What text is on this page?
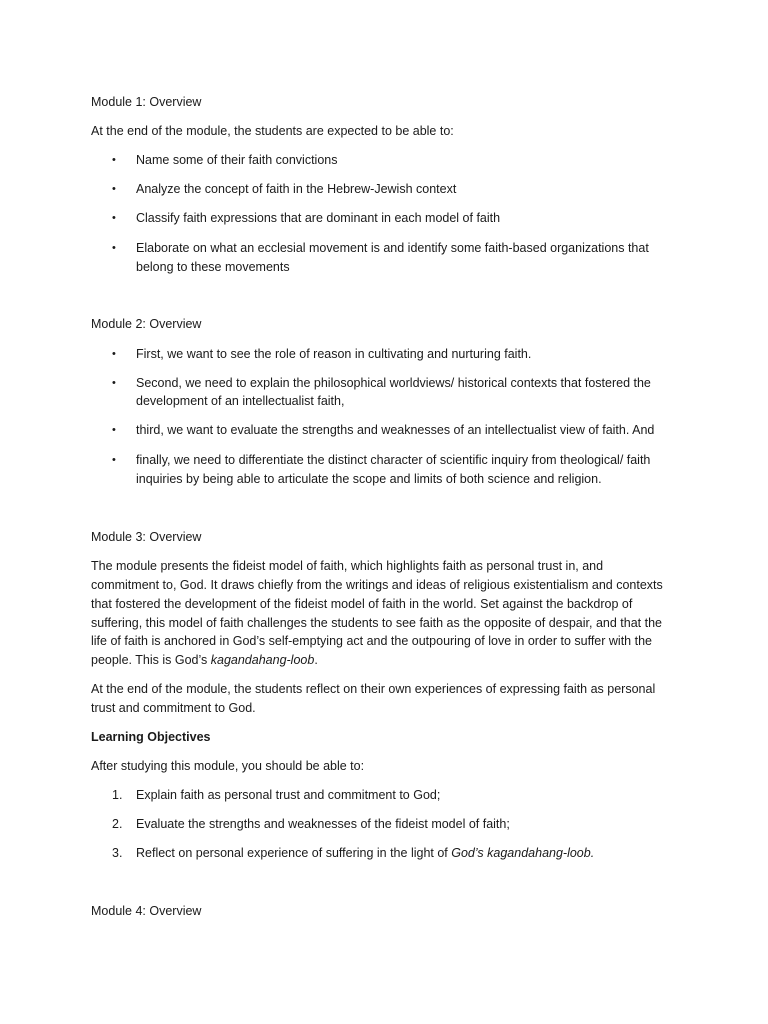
Module 1: Overview
At the end of the module, the students are expected to be able to:
• Name some of their faith convictions
• Analyze the concept of faith in the Hebrew-Jewish context
• Classify faith expressions that are dominant in each model of faith
• Elaborate on what an ecclesial movement is and identify some faith-based organizations that
belong to these movements
Module 2: Overview
• First, we want to see the role of reason in cultivating and nurturing faith.
• Second, we need to explain the philosophical worldviews/ historical contexts that fostered the
development of an intellectualist faith,
• third, we want to evaluate the strengths and weaknesses of an intellectualist view of faith. And
• finally, we need to differentiate the distinct character of scientific inquiry from theological/ faith
inquiries by being able to articulate the scope and limits of both science and religion.
Module 3: Overview
The module presents the fideist model of faith, which highlights faith as personal trust in, and
commitment to, God. It draws chiefly from the writings and ideas of religious existentialism and contexts
that fostered the development of the fideist model of faith in the world. Set against the backdrop of
suffering, this model of faith challenges the students to see faith as the opposite of despair, and that the
life of faith is anchored in God’s self-emptying act and the outpouring of love in order to suffer with the
people. This is God’s kagandahang-loob.
At the end of the module, the students reflect on their own experiences of expressing faith as personal
trust and commitment to God.
Learning Objectives
After studying this module, you should be able to:
1. Explain faith as personal trust and commitment to God;
2. Evaluate the strengths and weaknesses of the fideist model of faith;
3. Reflect on personal experience of suffering in the light of God’s kagandahang-loob.
Module 4: Overview
